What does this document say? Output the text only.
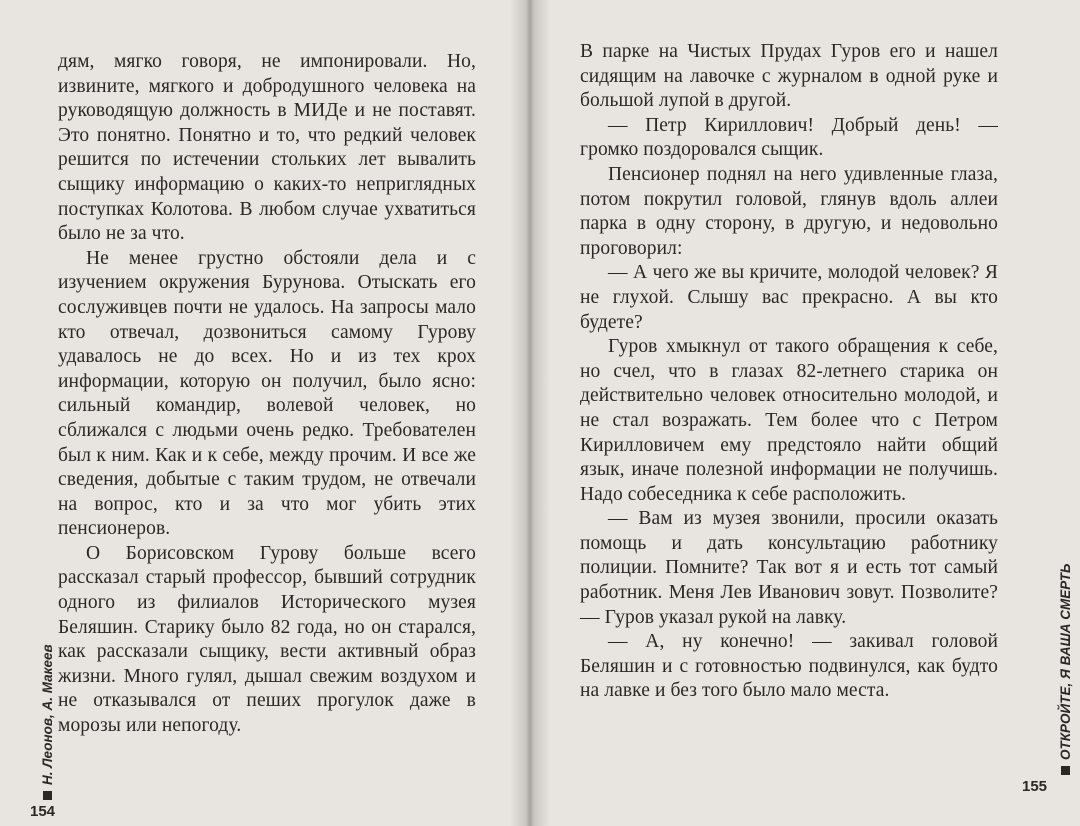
дям, мягко говоря, не импонировали. Но, извините, мягкого и добродушного человека на руководящую должность в МИДе и не поставят. Это понятно. Понятно и то, что редкий человек решится по истечении стольких лет вывалить сыщику информацию о каких-то неприглядных поступках Колотова. В любом случае ухватиться было не за что.

Не менее грустно обстояли дела и с изучением окружения Бурунова. Отыскать его сослуживцев почти не удалось. На запросы мало кто отвечал, дозвониться самому Гурову удавалось не до всех. Но и из тех крох информации, которую он получил, было ясно: сильный командир, волевой человек, но сближался с людьми очень редко. Требователен был к ним. Как и к себе, между прочим. И все же сведения, добытые с таким трудом, не отвечали на вопрос, кто и за что мог убить этих пенсионеров.

О Борисовском Гурову больше всего рассказал старый профессор, бывший сотрудник одного из филиалов Исторического музея Беляшин. Старику было 82 года, но он старался, как рассказали сыщику, вести активный образ жизни. Много гулял, дышал свежим воздухом и не отказывался от пеших прогулок даже в морозы или непогоду.

В парке на Чистых Прудах Гуров его и нашел сидящим на лавочке с журналом в одной руке и большой лупой в другой.

— Петр Кириллович! Добрый день! — громко поздоровался сыщик.

Пенсионер поднял на него удивленные глаза, потом покрутил головой, глянув вдоль аллеи парка в одну сторону, в другую, и недовольно проговорил:

— А чего же вы кричите, молодой человек? Я не глухой. Слышу вас прекрасно. А вы кто будете?

Гуров хмыкнул от такого обращения к себе, но счел, что в глазах 82-летнего старика он действительно человек относительно молодой, и не стал возражать. Тем более что с Петром Кирилловичем ему предстояло найти общий язык, иначе полезной информации не получишь. Надо собеседника к себе расположить.

— Вам из музея звонили, просили оказать помощь и дать консультацию работнику полиции. Помните? Так вот я и есть тот самый работник. Меня Лев Иванович зовут. Позволите? — Гуров указал рукой на лавку.

— А, ну конечно! — закивал головой Беляшин и с готовностью подвинулся, как будто на лавке и без того было мало места.

Н. Леонов, А. Макеев
154
ОТКРОЙТЕ, Я ВАША СМЕРТЬ
155
